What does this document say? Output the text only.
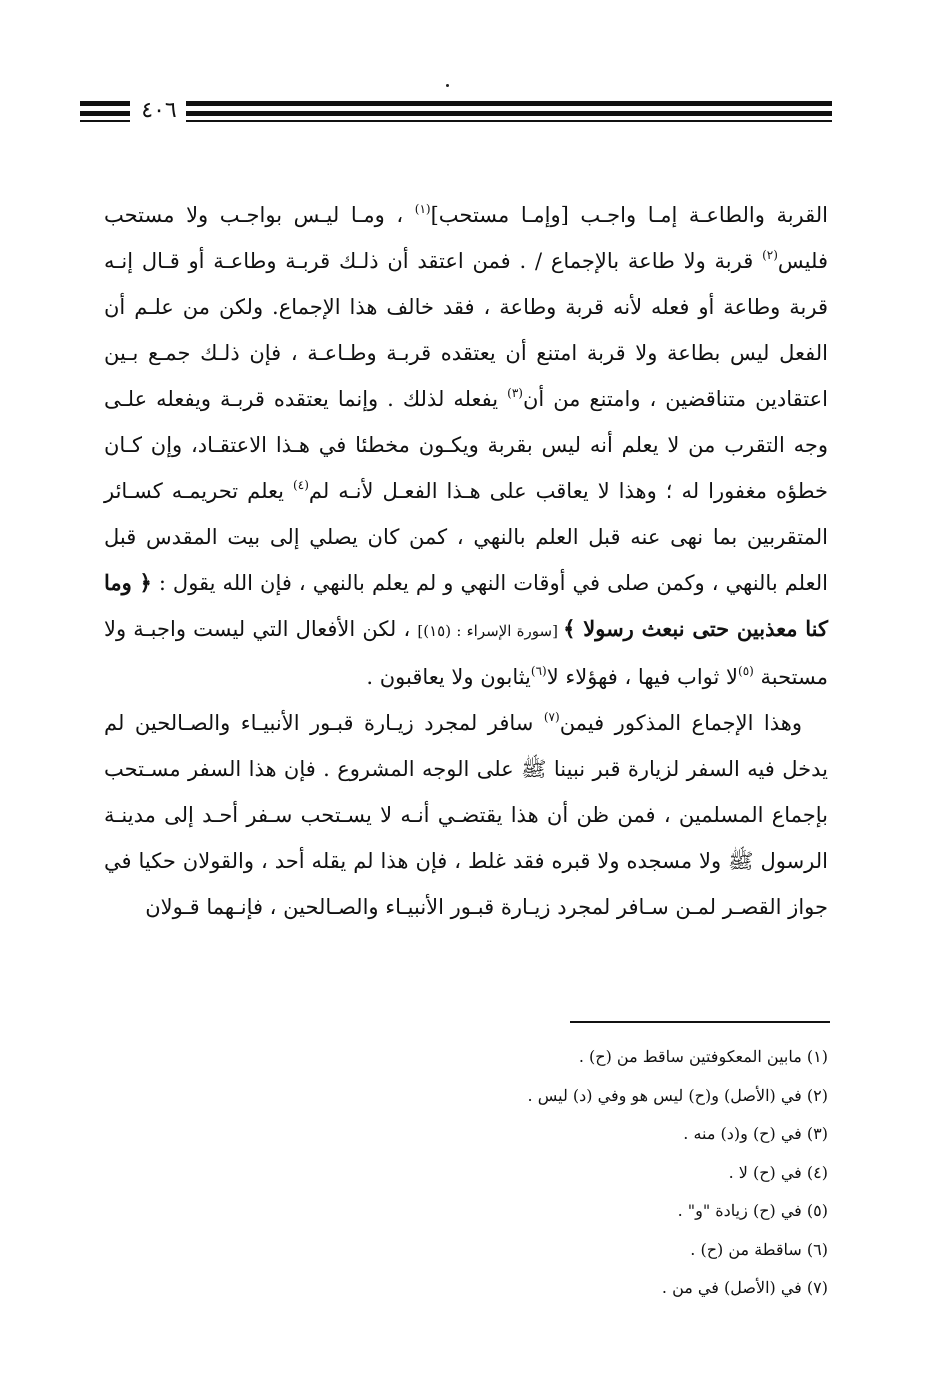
٤٠٦

القربة والطاعـة إمـا واجـب [وإمـا مستحب]$^{(١)}$ ، ومـا ليـس بواجـب ولا مستحب فليس$^{(٢)}$ قربة ولا طاعة بالإجماع / . فمن اعتقد أن ذلـك قربـة وطاعـة أو قـال إنـه قربة وطاعة أو فعله لأنه قربة وطاعة ، فقد خالف هذا الإجماع. ولكن من علـم أن الفعل ليس بطاعة ولا قربة امتنع أن يعتقده قربـة وطـاعـة ، فإن ذلـك جمـع بـين اعتقادين متناقضين ، وامتنع من أن$^{(٣)}$ يفعله لذلك . وإنما يعتقده قربـة ويفعله علـى وجه التقرب من لا يعلم أنه ليس بقربة ويكـون مخطئا في هـذا الاعتقـاد، وإن كـان خطؤه مغفورا له ؛ وهذا لا يعاقب على هـذا الفعـل لأنـه لم$^{(٤)}$ يعلم تحريمـه كسـائر المتقربين بما نهى عنه قبل العلم بالنهي ، كمن كان يصلي إلى بيت المقدس قبل العلم بالنهي ، وكمن صلى في أوقات النهي و لم يعلم بالنهي ، فإن الله يقول : ﴿ وما كنا معذبين حتى نبعث رسولا ﴾ [سورة الإسراء : (١٥)] ، لكن الأفعال التي ليست واجبـة ولا مستحبة $^{(٥)}$لا ثواب فيها ، فهؤلاء لا$^{(٦)}$يثابون ولا يعاقبون .

وهذا الإجماع المذكور فيمن$^{(٧)}$ سافر لمجرد زيـارة قبـور الأنبيـاء والصـالحين لم يدخل فيه السفر لزيارة قبر نبينا ﷺ على الوجه المشروع . فإن هذا السفر مسـتحب بإجماع المسلمين ، فمن ظن أن هذا يقتضـي أنـه لا يسـتحب سـفر أحـد إلى مدينـة الرسول ﷺ ولا مسجده ولا قبره فقد غلط ، فإن هذا لم يقله أحد ، والقولان حكيا في جواز القصـر لمـن سـافر لمجرد زيـارة قبـور الأنبيـاء والصـالحين ، فإنـهما قـولان

(١) مابين المعكوفتين ساقط من (ح) .
(٢) في (الأصل) و(ح) ليس هو وفي (د) ليس .
(٣) في (ح) و(د) منه .
(٤) في (ح) لا .
(٥) في (ح) زيادة "و" .
(٦) ساقطة من (ح) .
(٧) في (الأصل) في من .
